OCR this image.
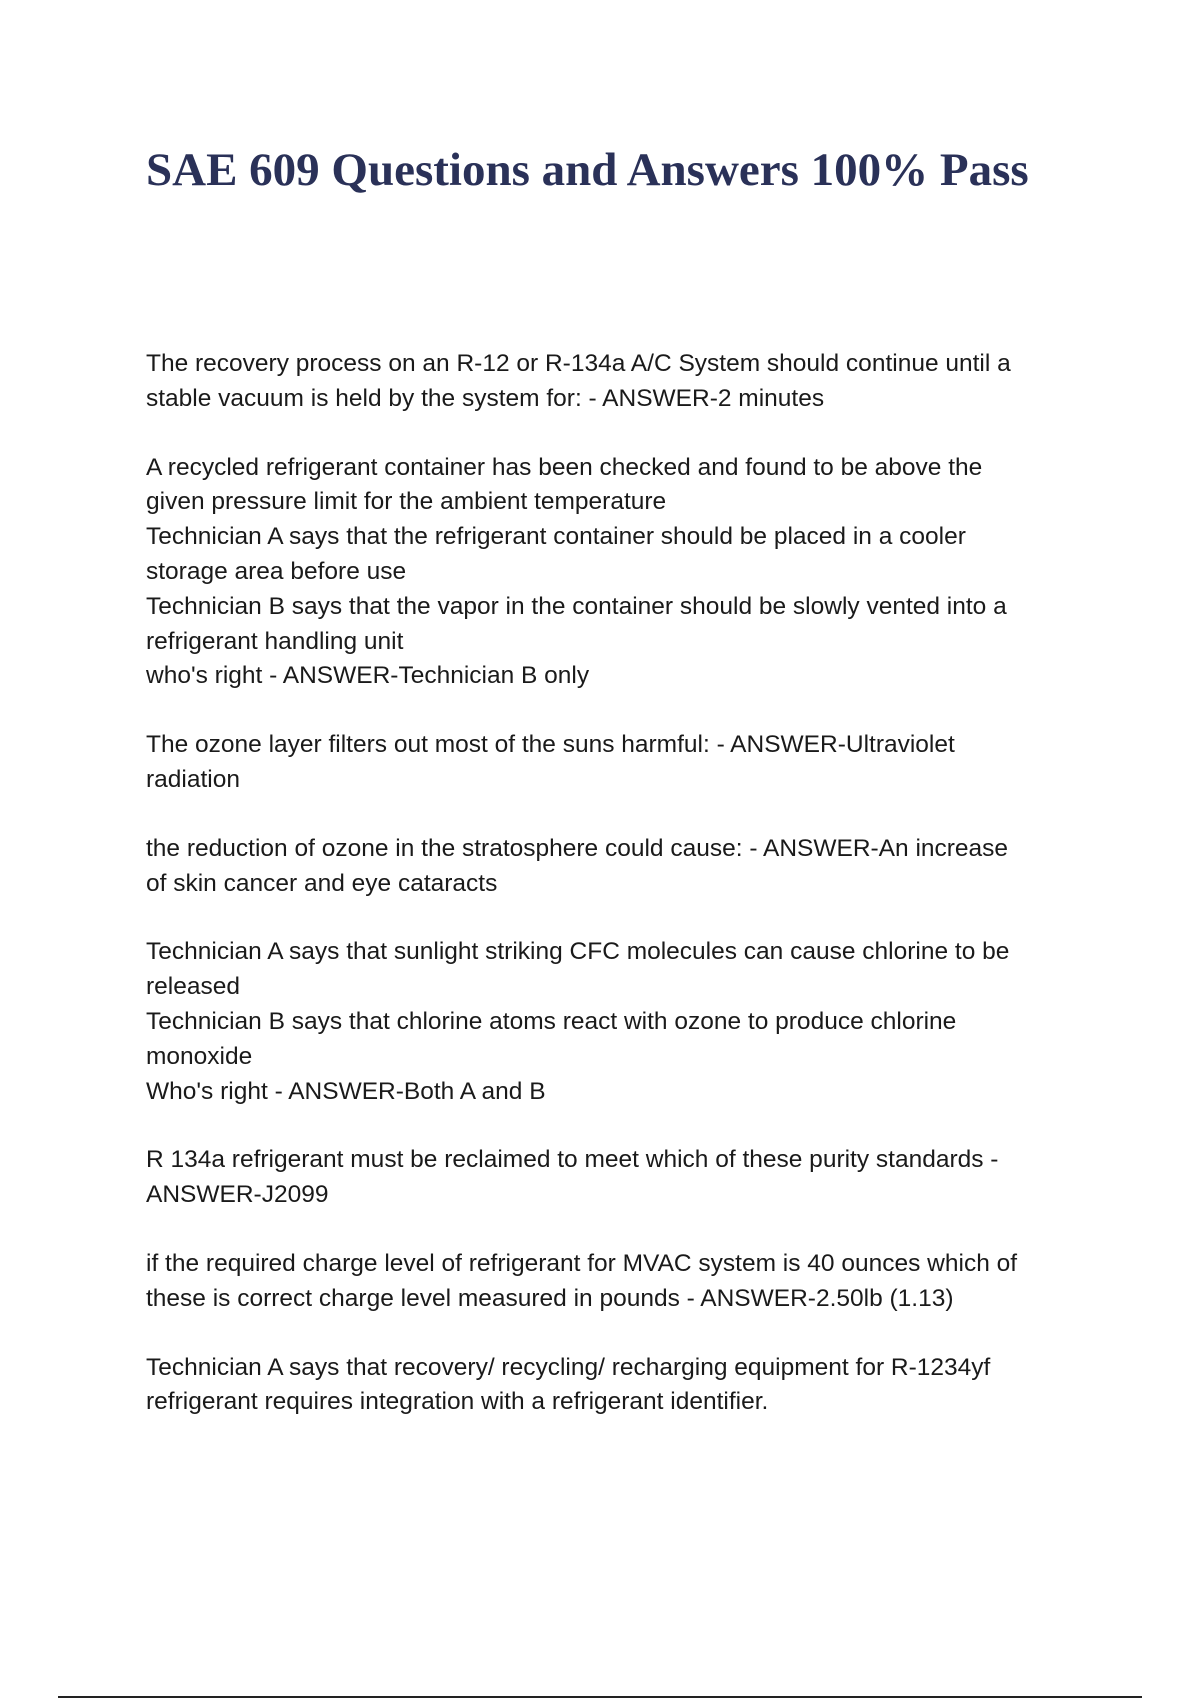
SAE 609 Questions and Answers 100% Pass

The recovery process on an R-12 or R-134a A/C System should continue until a
stable vacuum is held by the system for: - ANSWER-2 minutes

A recycled refrigerant container has been checked and found to be above the
given pressure limit for the ambient temperature
Technician A says that the refrigerant container should be placed in a cooler
storage area before use
Technician B says that the vapor in the container should be slowly vented into a
refrigerant handling unit
who's right - ANSWER-Technician B only

The ozone layer filters out most of the suns harmful: - ANSWER-Ultraviolet
radiation

the reduction of ozone in the stratosphere could cause: - ANSWER-An increase
of skin cancer and eye cataracts

Technician A says that sunlight striking CFC molecules can cause chlorine to be
released
Technician B says that chlorine atoms react with ozone to produce chlorine
monoxide
Who's right - ANSWER-Both A and B

R 134a refrigerant must be reclaimed to meet which of these purity standards -
ANSWER-J2099

if the required charge level of refrigerant for MVAC system is 40 ounces which of
these is correct charge level measured in pounds - ANSWER-2.50lb (1.13)

Technician A says that recovery/ recycling/ recharging equipment for R-1234yf
refrigerant requires integration with a refrigerant identifier.
